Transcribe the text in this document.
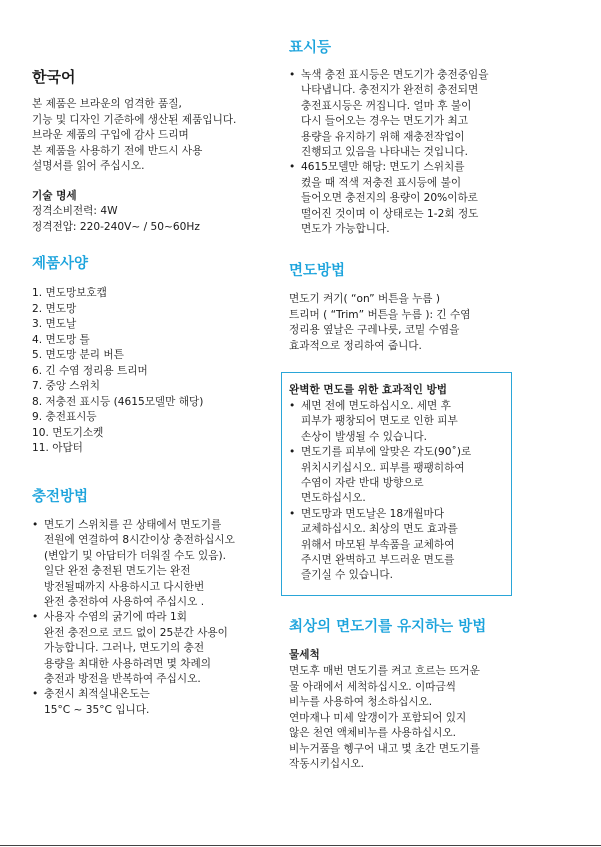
한국어
본 제품은 브라운의 엄격한 품질,
기능 및 디자인 기준하에 생산된 제품입니다.
브라운 제품의 구입에 감사 드리며
본 제품을 사용하기 전에 반드시 사용
설명서를 읽어 주십시오.
기술 명세
정격소비전력: 4W
정격전압: 220-240V~ / 50~60Hz
제품사양
1. 면도망보호캡
2. 면도망
3. 면도날
4. 면도망 틀
5. 면도망 분리 버튼
6. 긴 수염 정리용 트리머
7. 중앙 스위치
8. 저충전 표시등 (4615모델만 해당)
9. 충전표시등
10. 면도기소켓
11. 아답터
충전방법
• 면도기 스위치를 끈 상태에서 면도기를
전원에 연결하여 8시간이상 충전하십시오
(변압기 및 아답터가 더워질 수도 있음).
일단 완전 충전된 면도기는 완전
방전될때까지 사용하시고 다시한번
완전 충전하여 사용하여 주십시오 .
• 사용자 수염의 굵기에 따라 1회
완전 충전으로 코드 없이 25분간 사용이
가능합니다. 그러나, 면도기의 충전
용량을 최대한 사용하려면 몇 차례의
충전과 방전을 반복하여 주십시오.
• 충전시 최적실내온도는
15°C ~ 35°C 입니다.
표시등
• 녹색 충전 표시등은 면도기가 충전중임을
나타냅니다. 충전지가 완전히 충전되면
충전표시등은 꺼집니다. 얼마 후 불이
다시 들어오는 경우는 면도기가 최고
용량을 유지하기 위해 재충전작업이
진행되고 있음을 나타내는 것입니다.
• 4615모델만 해당: 면도기 스위치를
켰을 때 적색 저충전 표시등에 불이
들어오면 충전지의 용량이 20%이하로
떨어진 것이며 이 상태로는 1-2회 정도
면도가 가능합니다.
면도방법
면도기 켜기( “on” 버튼을 누름 )
트리머 ( “Trim” 버튼을 누름 ): 긴 수염
정리용 옆날은 구레나룻, 코밑 수염을
효과적으로 정리하여 줍니다.
완벽한 면도를 위한 효과적인 방법
• 세면 전에 면도하십시오. 세면 후
피부가 팽창되어 면도로 인한 피부
손상이 발생될 수 있습니다.
• 면도기를 피부에 알맞은 각도(90˚)로
위치시키십시오. 피부를 팽팽히하여
수염이 자란 반대 방향으로
면도하십시오.
• 면도망과 면도날은 18개월마다
교체하십시오. 최상의 면도 효과를
위해서 마모된 부속품을 교체하여
주시면 완벽하고 부드러운 면도를
즐기실 수 있습니다.
최상의 면도기를 유지하는 방법
물세척
면도후 매번 면도기를 켜고 흐르는 뜨거운
물 아래에서 세척하십시오. 이따금씩
비누를 사용하여 청소하십시오.
연마재나 미세 알갱이가 포함되어 있지
않은 천연 액체비누를 사용하십시오.
비누거품을 헹구어 내고 몇 초간 면도기를
작동시키십시오.
